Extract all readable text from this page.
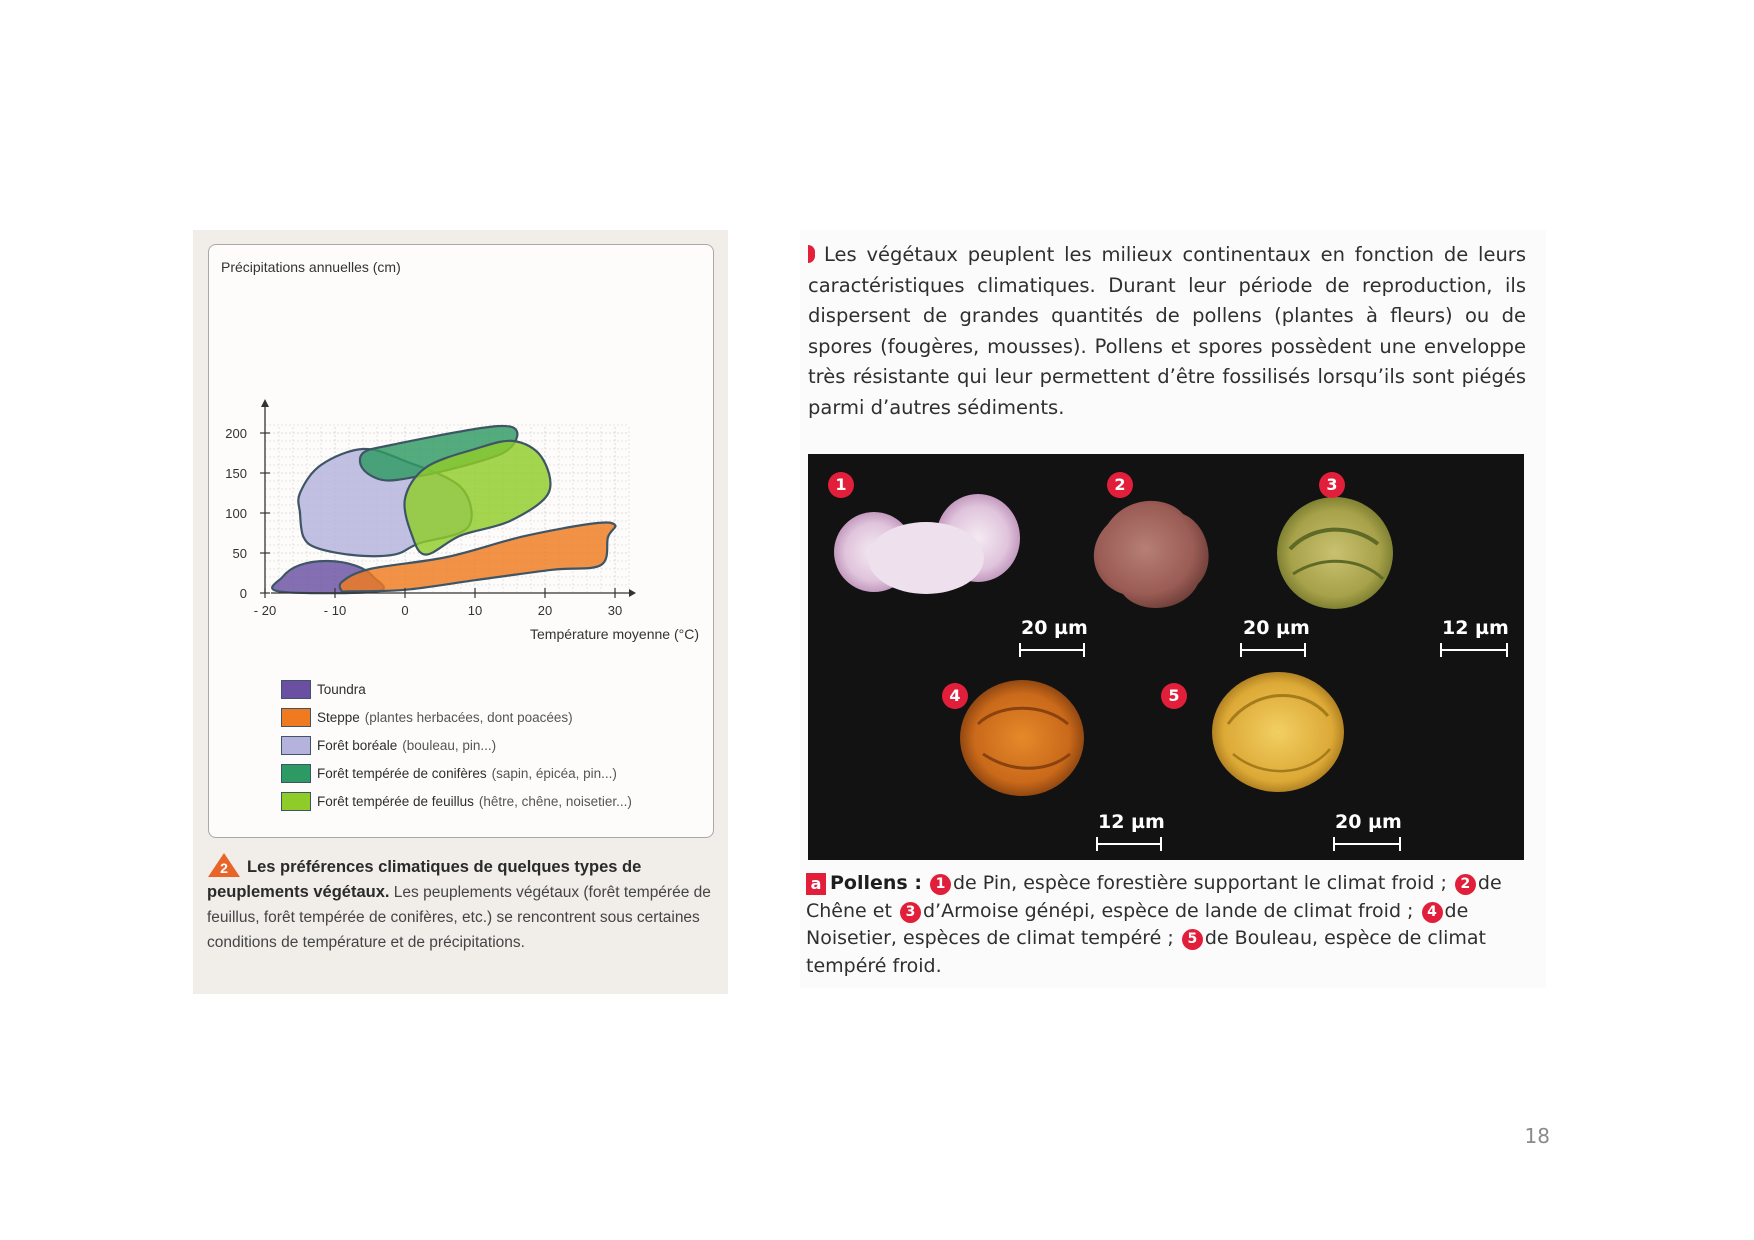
- 20	- 10	0	10	20	30
0
50
100
150
200
Précipitations annuelles (cm)
Température moyenne (°C)
Toundra
Steppe (plantes herbacées, dont poacées)
Forêt boréale (bouleau, pin...)
Forêt tempérée de conifères (sapin, épicéa, pin...)
Forêt tempérée de feuillus (hêtre, chêne, noisetier...)
2	Les préférences climatiques de quelques types de peuplements végétaux. Les peuplements végétaux (forêt tempérée de feuillus, forêt tempérée de conifères, etc.) se rencontrent sous certaines conditions de température et de précipitations.
Les végétaux peuplent les milieux continentaux en fonction de leurs caractéristiques climatiques. Durant leur période de reproduction, ils dispersent de grandes quantités de pollens (plantes à fleurs) ou de spores (fougères, mousses). Pollens et spores possèdent une enveloppe très résistante qui leur permettent d’être fossilisés lorsqu’ils sont piégés parmi d’autres sédiments.
1	2	3
4	5
20 µm	20 µm	12 µm
12 µm	20 µm
a Pollens : 1 de Pin, espèce forestière supportant le climat froid ; 2 de Chêne et 3 d’Armoise génépi, espèce de lande de climat froid ; 4 de Noisetier, espèces de climat tempéré ; 5 de Bouleau, espèce de climat tempéré froid.
18
